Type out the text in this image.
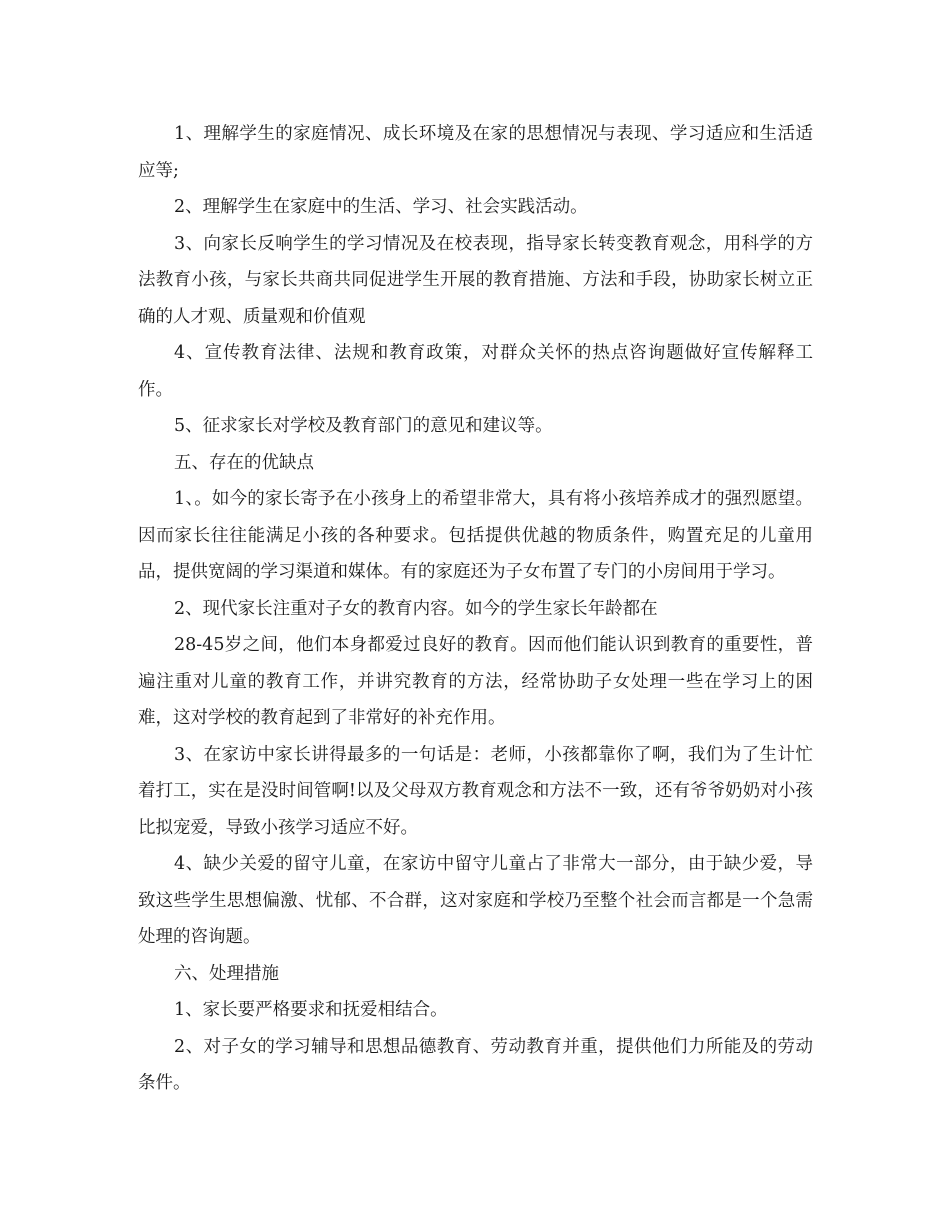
1、理解学生的家庭情况、成长环境及在家的思想情况与表现、学习适应和生活适应等;

2、理解学生在家庭中的生活、学习、社会实践活动。

3、向家长反响学生的学习情况及在校表现，指导家长转变教育观念，用科学的方法教育小孩，与家长共商共同促进学生开展的教育措施、方法和手段，协助家长树立正确的人才观、质量观和价值观

4、宣传教育法律、法规和教育政策，对群众关怀的热点咨询题做好宣传解释工作。

5、征求家长对学校及教育部门的意见和建议等。

五、存在的优缺点

1、。如今的家长寄予在小孩身上的希望非常大，具有将小孩培养成才的强烈愿望。因而家长往往能满足小孩的各种要求。包括提供优越的物质条件，购置充足的儿童用品，提供宽阔的学习渠道和媒体。有的家庭还为子女布置了专门的小房间用于学习。

2、现代家长注重对子女的教育内容。如今的学生家长年龄都在

28-45岁之间，他们本身都爱过良好的教育。因而他们能认识到教育的重要性，普遍注重对儿童的教育工作，并讲究教育的方法，经常协助子女处理一些在学习上的困难，这对学校的教育起到了非常好的补充作用。

3、在家访中家长讲得最多的一句话是：老师，小孩都靠你了啊，我们为了生计忙着打工，实在是没时间管啊!以及父母双方教育观念和方法不一致，还有爷爷奶奶对小孩比拟宠爱，导致小孩学习适应不好。

4、缺少关爱的留守儿童，在家访中留守儿童占了非常大一部分，由于缺少爱，导致这些学生思想偏激、忧郁、不合群，这对家庭和学校乃至整个社会而言都是一个急需处理的咨询题。

六、处理措施

1、家长要严格要求和抚爱相结合。

2、对子女的学习辅导和思想品德教育、劳动教育并重，提供他们力所能及的劳动条件。
